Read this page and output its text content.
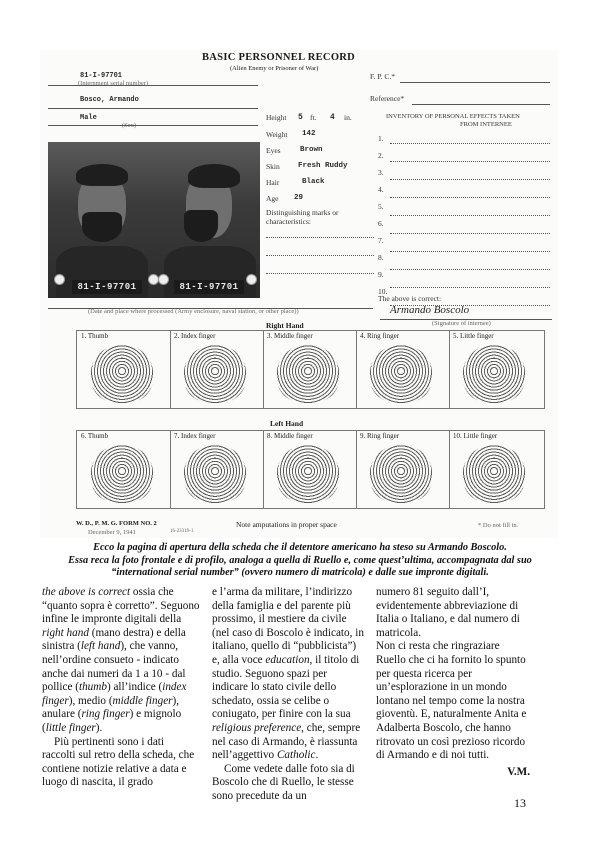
BASIC PERSONNEL RECORD
(Alien Enemy or Prisoner of War)
81-I-97701
(Internment serial number)
Bosco, Armando
Male
(Sex)
F. P. C.*
Reference*
Height 5 ft. 4 in.
Weight 142
Eyes	Brown
Skin Fresh Ruddy
Hair	Black
Age 29
Distinguishing marks or characteristics:
INVENTORY OF PERSONAL EFFECTS TAKEN
FROM INTERNEE
1.
2.
3.
4.
5.
6.
7.
8.
9.
10.
The above is correct:
Armando Boscolo
(Signature of internee)
81-I-97701	81-I-97701
(Date and place where processed (Army enclosure, naval station, or other place))
Right Hand
1. Thumb	2. Index finger	3. Middle finger	4. Ring finger	5. Little finger
Left Hand
6. Thumb	7. Index finger	8. Middle finger	9. Ring finger	10. Little finger
W. D., P. M. G. FORM NO. 2
December 9, 1941	16-23319-1
Note amputations in proper space	* Do not fill in.
Ecco la pagina di apertura della scheda che il detentore americano ha steso su Armando Boscolo.
Essa reca la foto frontale e di profilo, analoga a quella di Ruello e, come quest’ultima, accompagnata dal suo
“international serial number” (ovvero numero di matricola) e dalle sue impronte digitali.

the above is correct ossia che “quanto sopra è corretto”. Seguono infine le impronte digitali della right hand (mano destra) e della sinistra (left hand), che vanno, nell’ordine consueto - indicato anche dai numeri da 1 a 10 - dal pollice (thumb) all’indice (index finger), medio (middle finger), anulare (ring finger) e mignolo (little finger).

Più pertinenti sono i dati raccolti sul retro della scheda, che contiene notizie relative a data e luogo di nascita, il grado

e l’arma da militare, l’indirizzo della famiglia e del parente più prossimo, il mestiere da civile (nel caso di Boscolo è indicato, in italiano, quello di “pubblicista”) e, alla voce education, il titolo di studio. Seguono spazi per indicare lo stato civile dello schedato, ossia se celibe o coniugato, per finire con la sua religious preference, che, sempre nel caso di Armando, è riassunta nell’aggettivo Catholic.

Come vedete dalle foto sia di Boscolo che di Ruello, le stesse sono precedute da un

numero 81 seguito dall’I, evidentemente abbreviazione di Italia o Italiano, e dal numero di matricola.

Non ci resta che ringraziare Ruello che ci ha fornito lo spunto per questa ricerca per un’esplorazione in un mondo lontano nel tempo come la nostra gioventù. E, naturalmente Anita e Adalberta Boscolo, che hanno ritrovato un così prezioso ricordo di Armando e di noi tutti.

V.M.

13
